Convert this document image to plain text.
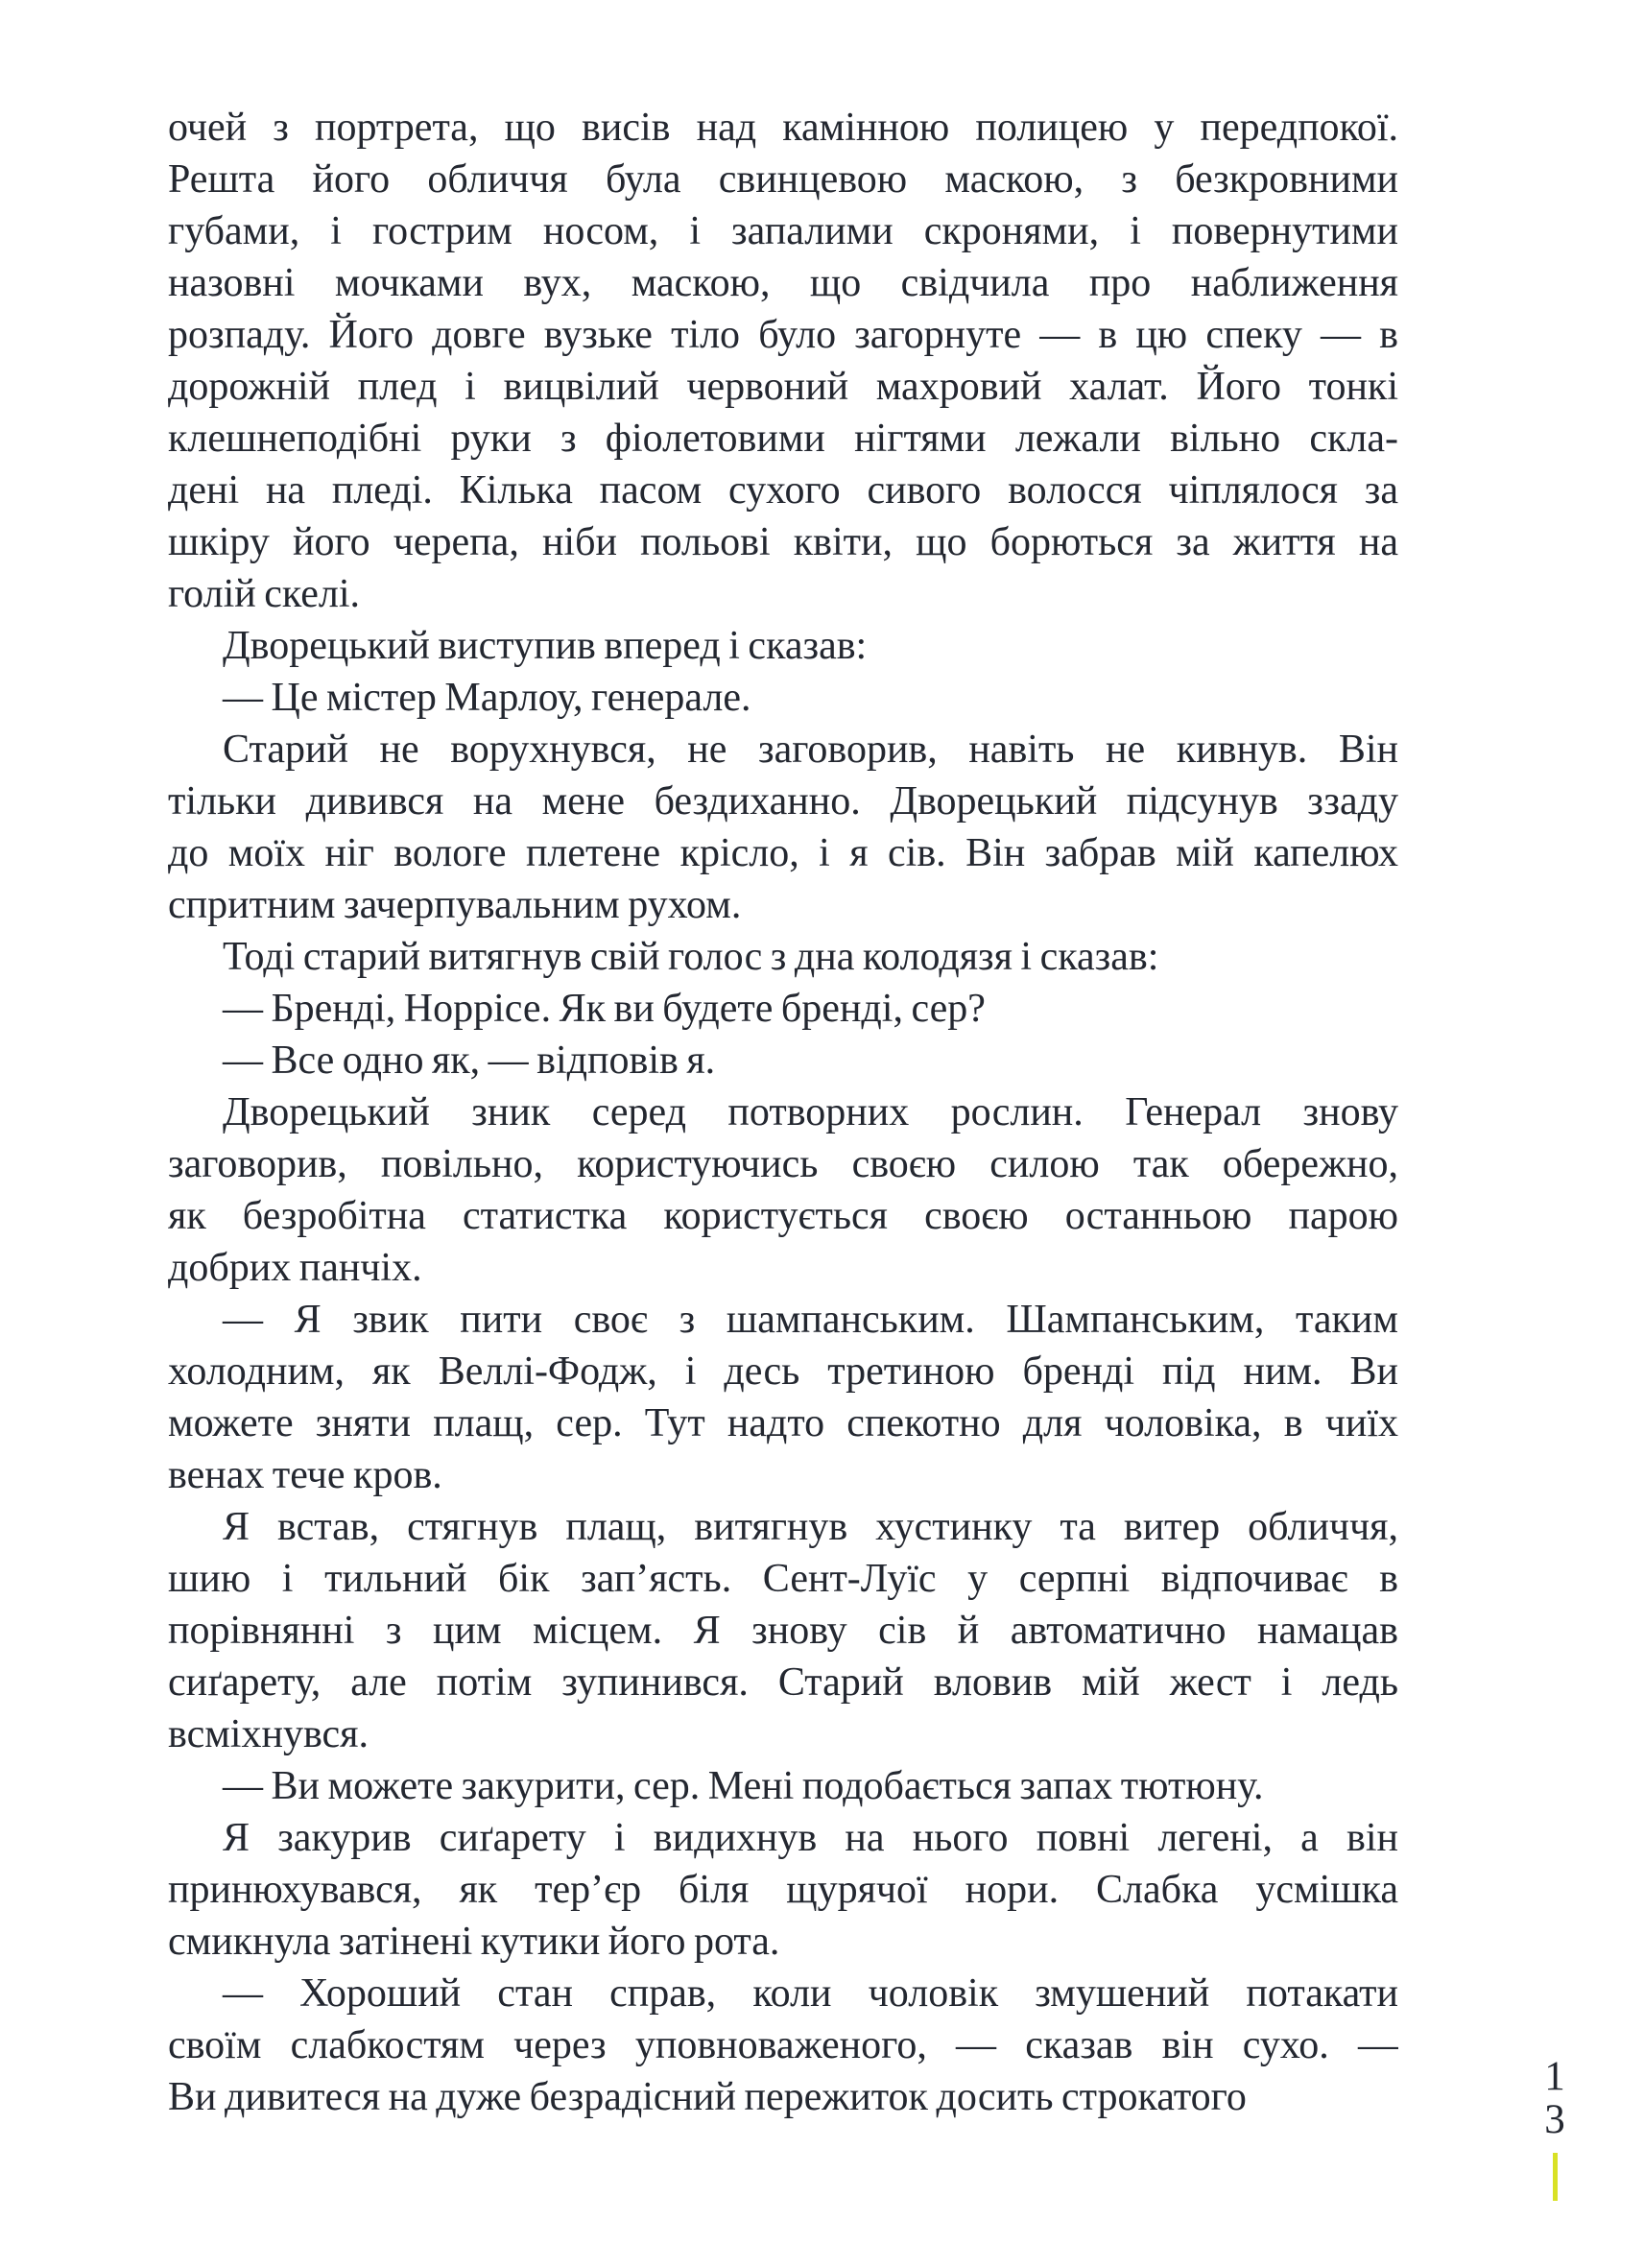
очей з портрета, що висів над камінною полицею у передпокої.
Решта його обличчя була свинцевою маскою, з безкровними
губами, і гострим носом, і запалими скронями, і повернутими
назовні мочками вух, маскою, що свідчила про наближення
розпаду. Його довге вузьке тіло було загорнуте — в цю спеку — в
дорожній плед і вицвілий червоний махровий халат. Його тонкі
клешнеподібні руки з фіолетовими нігтями лежали вільно скла-
дені на пледі. Кілька пасом сухого сивого волосся чіплялося за
шкіру його черепа, ніби польові квіти, що борються за життя на
голій скелі.
Дворецький виступив вперед і сказав:
— Це містер Марлоу, генерале.
Старий не ворухнувся, не заговорив, навіть не кивнув. Він
тільки дивився на мене бездиханно. Дворецький підсунув ззаду
до моїх ніг вологе плетене крісло, і я сів. Він забрав мій капелюх
спритним зачерпувальним рухом.
Тоді старий витягнув свій голос з дна колодязя і сказав:
— Бренді, Норрісе. Як ви будете бренді, сер?
— Все одно як, — відповів я.
Дворецький зник серед потворних рослин. Генерал знову
заговорив, повільно, користуючись своєю силою так обережно,
як безробітна статистка користується своєю останньою парою
добрих панчіх.
— Я звик пити своє з шампанським. Шампанським, таким
холодним, як Веллі-Фодж, і десь третиною бренді під ним. Ви
можете зняти плащ, сер. Тут надто спекотно для чоловіка, в чиїх
венах тече кров.
Я встав, стягнув плащ, витягнув хустинку та витер обличчя,
шию і тильний бік зап’ясть. Сент-Луїс у серпні відпочиває в
порівнянні з цим місцем. Я знову сів й автоматично намацав
сиґарету, але потім зупинився. Старий вловив мій жест і ледь
всміхнувся.
— Ви можете закурити, сер. Мені подобається запах тютюну.
Я закурив сиґарету і видихнув на нього повні легені, а він
принюхувався, як тер’єр біля щурячої нори. Слабка усмішка
смикнула затінені кутики його рота.
— Хороший стан справ, коли чоловік змушений потакати
своїм слабкостям через уповноваженого, — сказав він сухо. —
Ви дивитеся на дуже безрадісний пережиток досить строкатого	1
3
